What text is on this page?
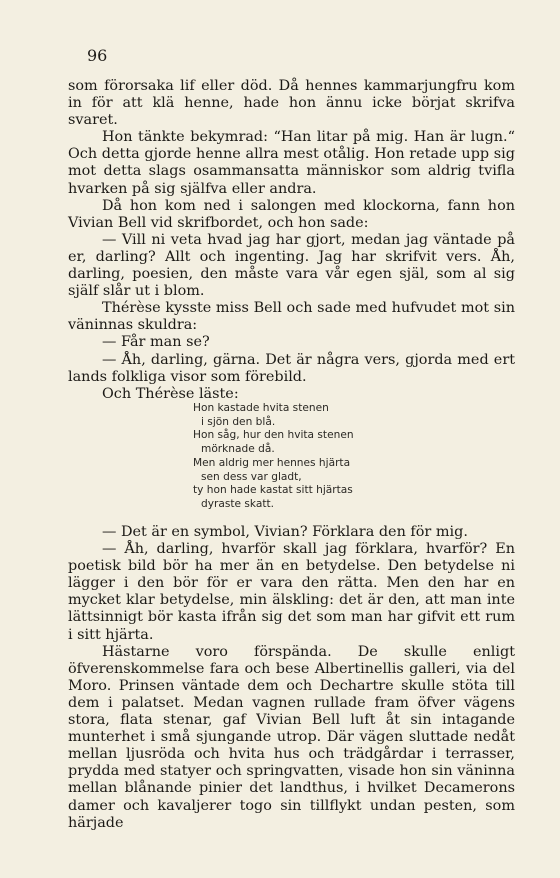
96

som förorsaka lif eller död. Då hennes kammarjungfru kom in för att klä henne, hade hon ännu icke börjat skrifva svaret.

Hon tänkte bekymrad: “Han litar på mig. Han är lugn.“ Och detta gjorde henne allra mest otålig. Hon retade upp sig mot detta slags osammansatta människor som aldrig tvifla hvarken på sig själfva eller andra.

Då hon kom ned i salongen med klockorna, fann hon Vivian Bell vid skrifbordet, och hon sade:

— Vill ni veta hvad jag har gjort, medan jag väntade på er, darling? Allt och ingenting. Jag har skrifvit vers. Åh, darling, poesien, den måste vara vår egen själ, som al sig själf slår ut i blom.

Thérèse kysste miss Bell och sade med hufvudet mot sin väninnas skuldra:

— Får man se?

— Åh, darling, gärna. Det är några vers, gjorda med ert lands folkliga visor som förebild.

Och Thérèse läste:

Hon kastade hvita stenen
i sjön den blå.
Hon såg, hur den hvita stenen
mörknade då.
Men aldrig mer hennes hjärta
sen dess var gladt,
ty hon hade kastat sitt hjärtas
dyraste skatt.

— Det är en symbol, Vivian? Förklara den för mig.

— Åh, darling, hvarför skall jag förklara, hvarför? En poetisk bild bör ha mer än en betydelse. Den betydelse ni lägger i den bör för er vara den rätta. Men den har en mycket klar betydelse, min älskling: det är den, att man inte lättsinnigt bör kasta ifrån sig det som man har gifvit ett rum i sitt hjärta.

Hästarne voro förspända. De skulle enligt öfverenskommelse fara och bese Albertinellis galleri, via del Moro. Prinsen väntade dem och Dechartre skulle stöta till dem i palatset. Medan vagnen rullade fram öfver vägens stora, flata stenar, gaf Vivian Bell luft åt sin intagande munterhet i små sjungande utrop. Där vägen sluttade nedåt mellan ljusröda och hvita hus och trädgårdar i terrasser, prydda med statyer och springvatten, visade hon sin väninna mellan blånande pinier det landthus, i hvilket Decamerons damer och kavaljerer togo sin tillflykt undan pesten, som härjade
